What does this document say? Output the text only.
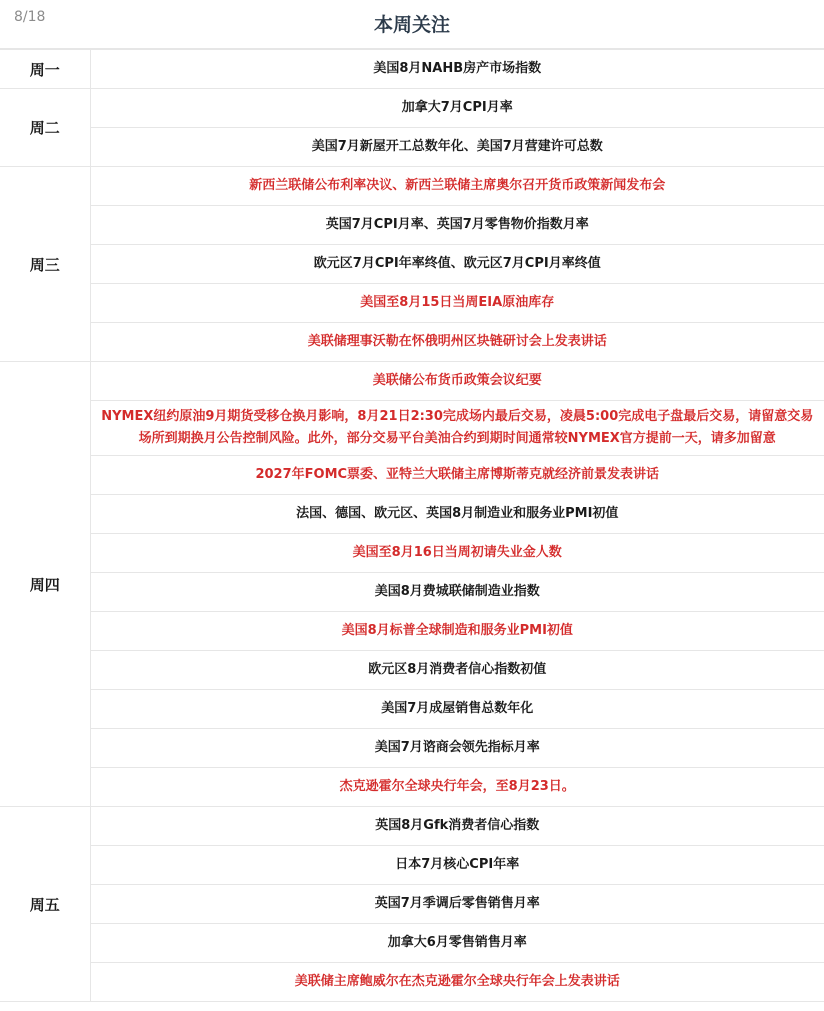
8/18	本周关注
周一	美国8月NAHB房产市场指数
周二	加拿大7月CPI月率
	美国7月新屋开工总数年化、美国7月营建许可总数
周三	新西兰联储公布利率决议、新西兰联储主席奥尔召开货币政策新闻发布会
	英国7月CPI月率、英国7月零售物价指数月率
	欧元区7月CPI年率终值、欧元区7月CPI月率终值
	美国至8月15日当周EIA原油库存
	美联储理事沃勒在怀俄明州区块链研讨会上发表讲话
周四	美联储公布货币政策会议纪要
	NYMEX纽约原油9月期货受移仓换月影响，8月21日2:30完成场内最后交易，凌晨5:00完成电子盘最后交易，请留意交易场所到期换月公告控制风险。此外，部分交易平台美油合约到期时间通常较NYMEX官方提前一天，请多加留意
	2027年FOMC票委、亚特兰大联储主席博斯蒂克就经济前景发表讲话
	法国、德国、欧元区、英国8月制造业和服务业PMI初值
	美国至8月16日当周初请失业金人数
	美国8月费城联储制造业指数
	美国8月标普全球制造和服务业PMI初值
	欧元区8月消费者信心指数初值
	美国7月成屋销售总数年化
	美国7月谘商会领先指标月率
	杰克逊霍尔全球央行年会，至8月23日。
周五	英国8月Gfk消费者信心指数
	日本7月核心CPI年率
	英国7月季调后零售销售月率
	加拿大6月零售销售月率
	美联储主席鲍威尔在杰克逊霍尔全球央行年会上发表讲话
